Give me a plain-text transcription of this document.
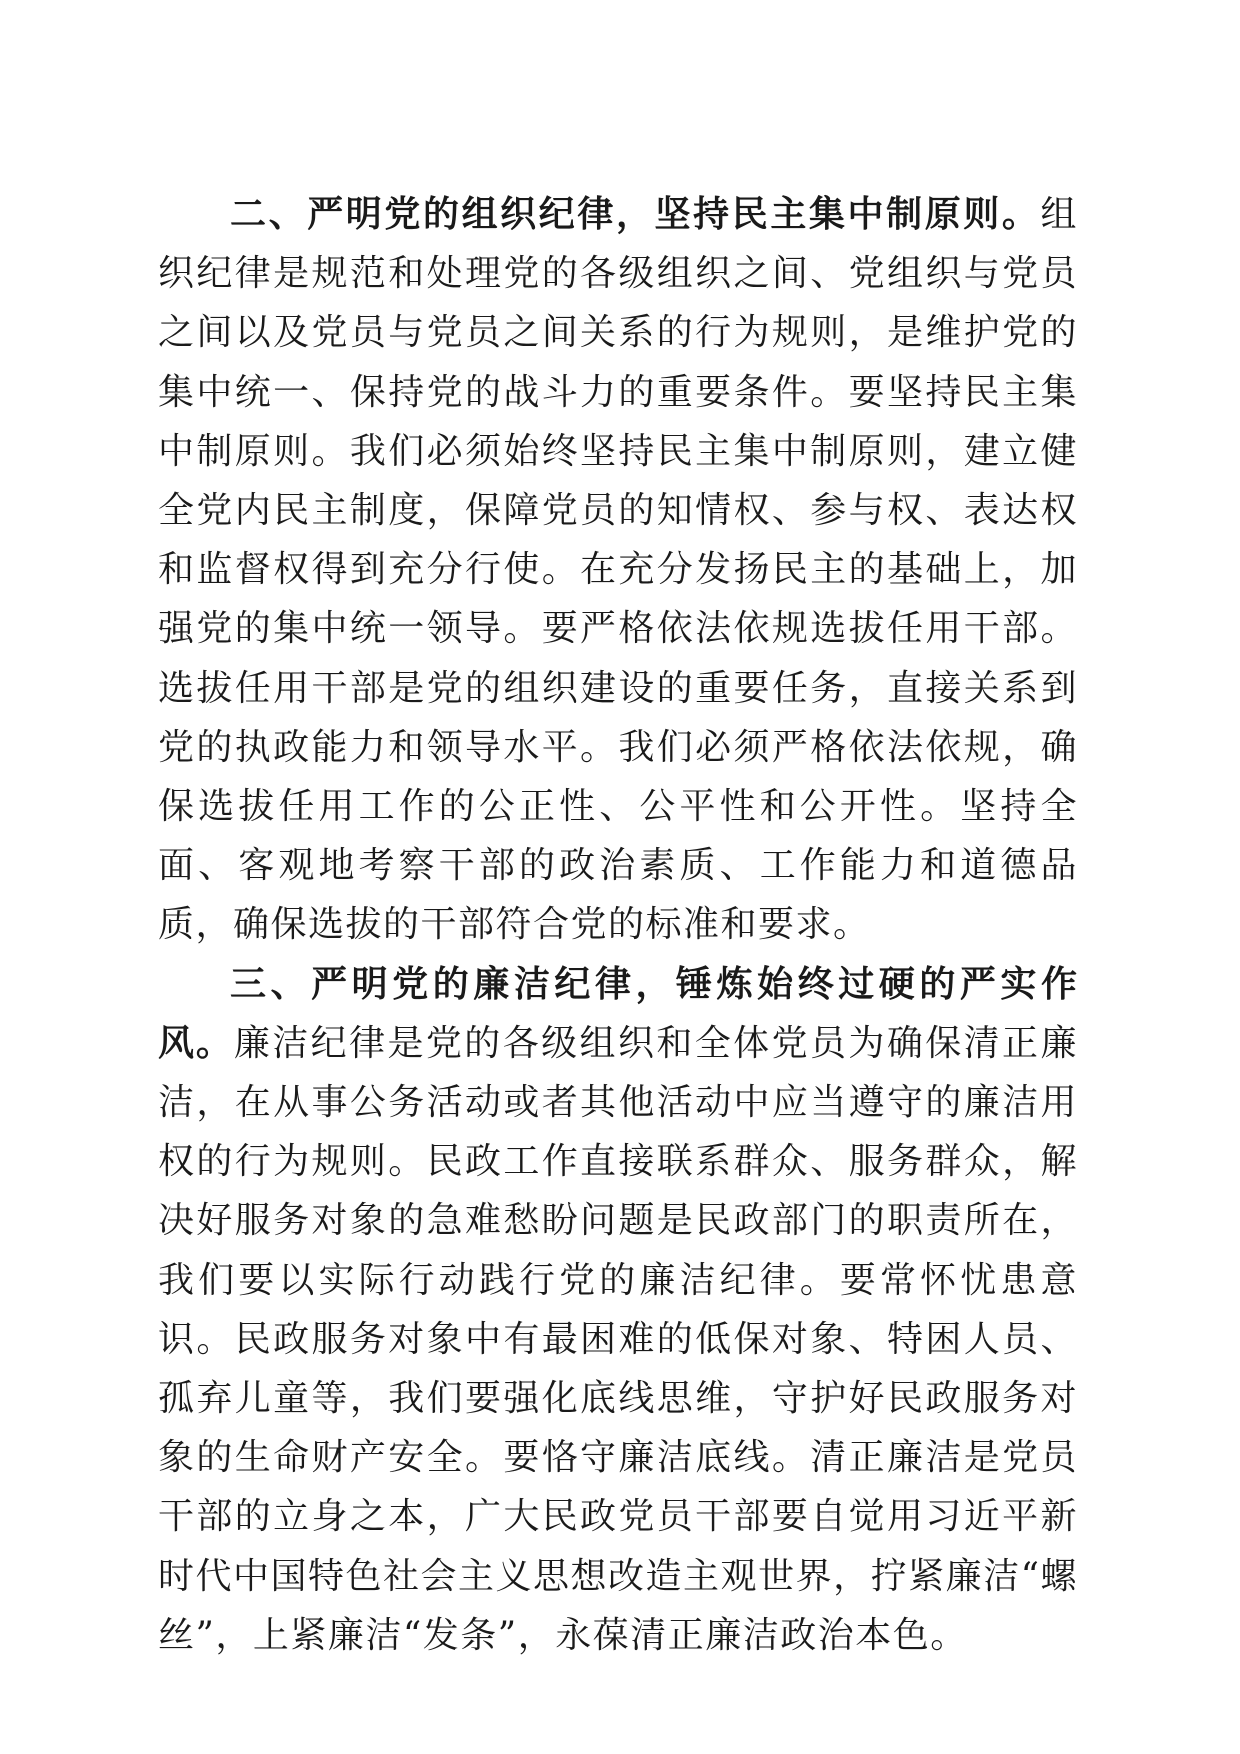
二、严明党的组织纪律，坚持民主集中制原则。组织纪律是规范和处理党的各级组织之间、党组织与党员之间以及党员与党员之间关系的行为规则，是维护党的集中统一、保持党的战斗力的重要条件。要坚持民主集中制原则。我们必须始终坚持民主集中制原则，建立健全党内民主制度，保障党员的知情权、参与权、表达权和监督权得到充分行使。在充分发扬民主的基础上，加强党的集中统一领导。要严格依法依规选拔任用干部。选拔任用干部是党的组织建设的重要任务，直接关系到党的执政能力和领导水平。我们必须严格依法依规，确保选拔任用工作的公正性、公平性和公开性。坚持全面、客观地考察干部的政治素质、工作能力和道德品质，确保选拔的干部符合党的标准和要求。

三、严明党的廉洁纪律，锤炼始终过硬的严实作风。廉洁纪律是党的各级组织和全体党员为确保清正廉洁，在从事公务活动或者其他活动中应当遵守的廉洁用权的行为规则。民政工作直接联系群众、服务群众，解决好服务对象的急难愁盼问题是民政部门的职责所在，我们要以实际行动践行党的廉洁纪律。要常怀忧患意识。民政服务对象中有最困难的低保对象、特困人员、孤弃儿童等，我们要强化底线思维，守护好民政服务对象的生命财产安全。要恪守廉洁底线。清正廉洁是党员干部的立身之本，广大民政党员干部要自觉用习近平新时代中国特色社会主义思想改造主观世界，拧紧廉洁“螺丝”，上紧廉洁“发条”，永葆清正廉洁政治本色。
